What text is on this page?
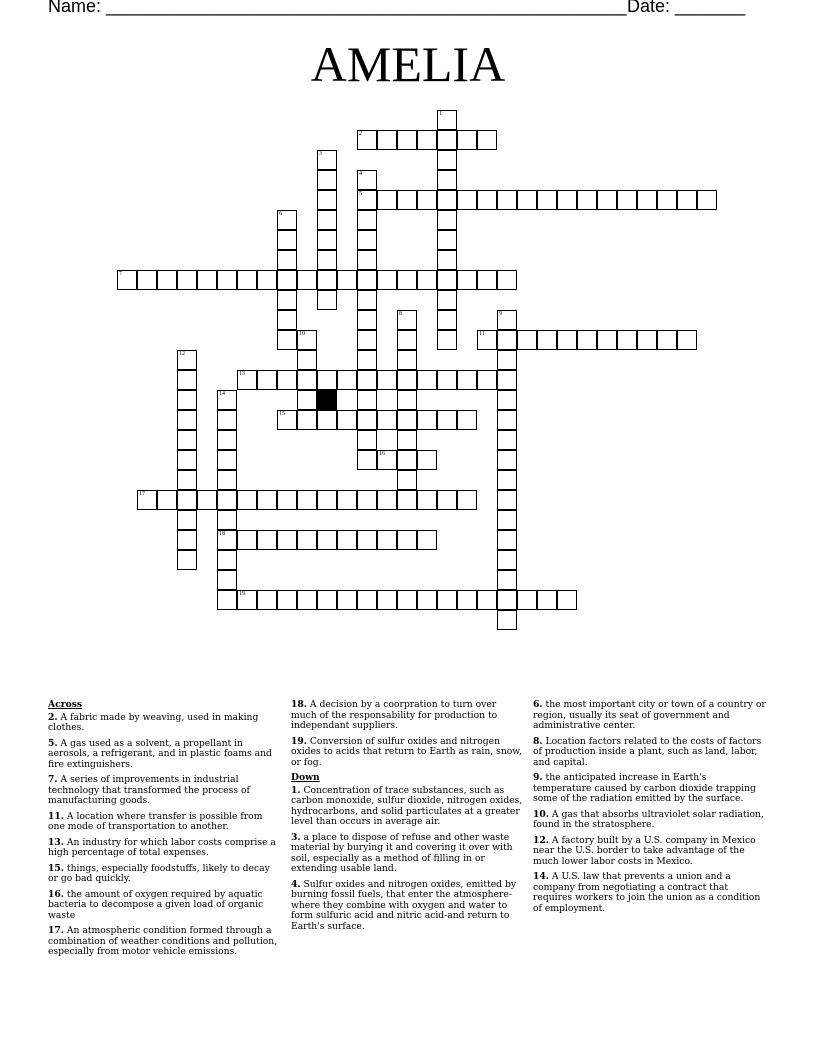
Name: ____________________________________________________ Date: _______
AMELIA
1
2
3
4
5
6
7
8	9
10	11
12
13
14
18
15
16
17
19
Across
2. A fabric made by weaving, used in making clothes.
5. A gas used as a solvent, a propellant in aerosols, a refrigerant, and in plastic foams and fire extinguishers.
7. A series of improvements in industrial technology that transformed the process of manufacturing goods.
11. A location where transfer is possible from one mode of transportation to another.
13. An industry for which labor costs comprise a high percentage of total expenses.
15. things, especially foodstuffs, likely to decay or go bad quickly.
16. the amount of oxygen required by aquatic bacteria to decompose a given load of organic waste
17. An atmospheric condition formed through a combination of weather conditions and pollution, especially from motor vehicle emissions.
18. A decision by a coorpration to turn over much of the responsability for production to independant suppliers.
19. Conversion of sulfur oxides and nitrogen oxides to acids that return to Earth as rain, snow, or fog.
Down
1. Concentration of trace substances, such as carbon monoxide, sulfur dioxide, nitrogen oxides, hydrocarbons, and solid particulates at a greater level than occurs in average air.
3. a place to dispose of refuse and other waste material by burying it and covering it over with soil, especially as a method of filling in or extending usable land.
4. Sulfur oxides and nitrogen oxides, emitted by burning fossil fuels, that enter the atmosphere-where they combine with oxygen and water to form sulfuric acid and nitric acid-and return to Earth's surface.
6. the most important city or town of a country or region, usually its seat of government and administrative center.
8. Location factors related to the costs of factors of production inside a plant, such as land, labor, and capital.
9. the anticipated increase in Earth's temperature caused by carbon dioxide trapping some of the radiation emitted by the surface.
10. A gas that absorbs ultraviolet solar radiation, found in the stratosphere.
12. A factory built by a U.S. company in Mexico near the U.S. border to take advantage of the much lower labor costs in Mexico.
14. A U.S. law that prevents a union and a company from negotiating a contract that requires workers to join the union as a condition of employment.
